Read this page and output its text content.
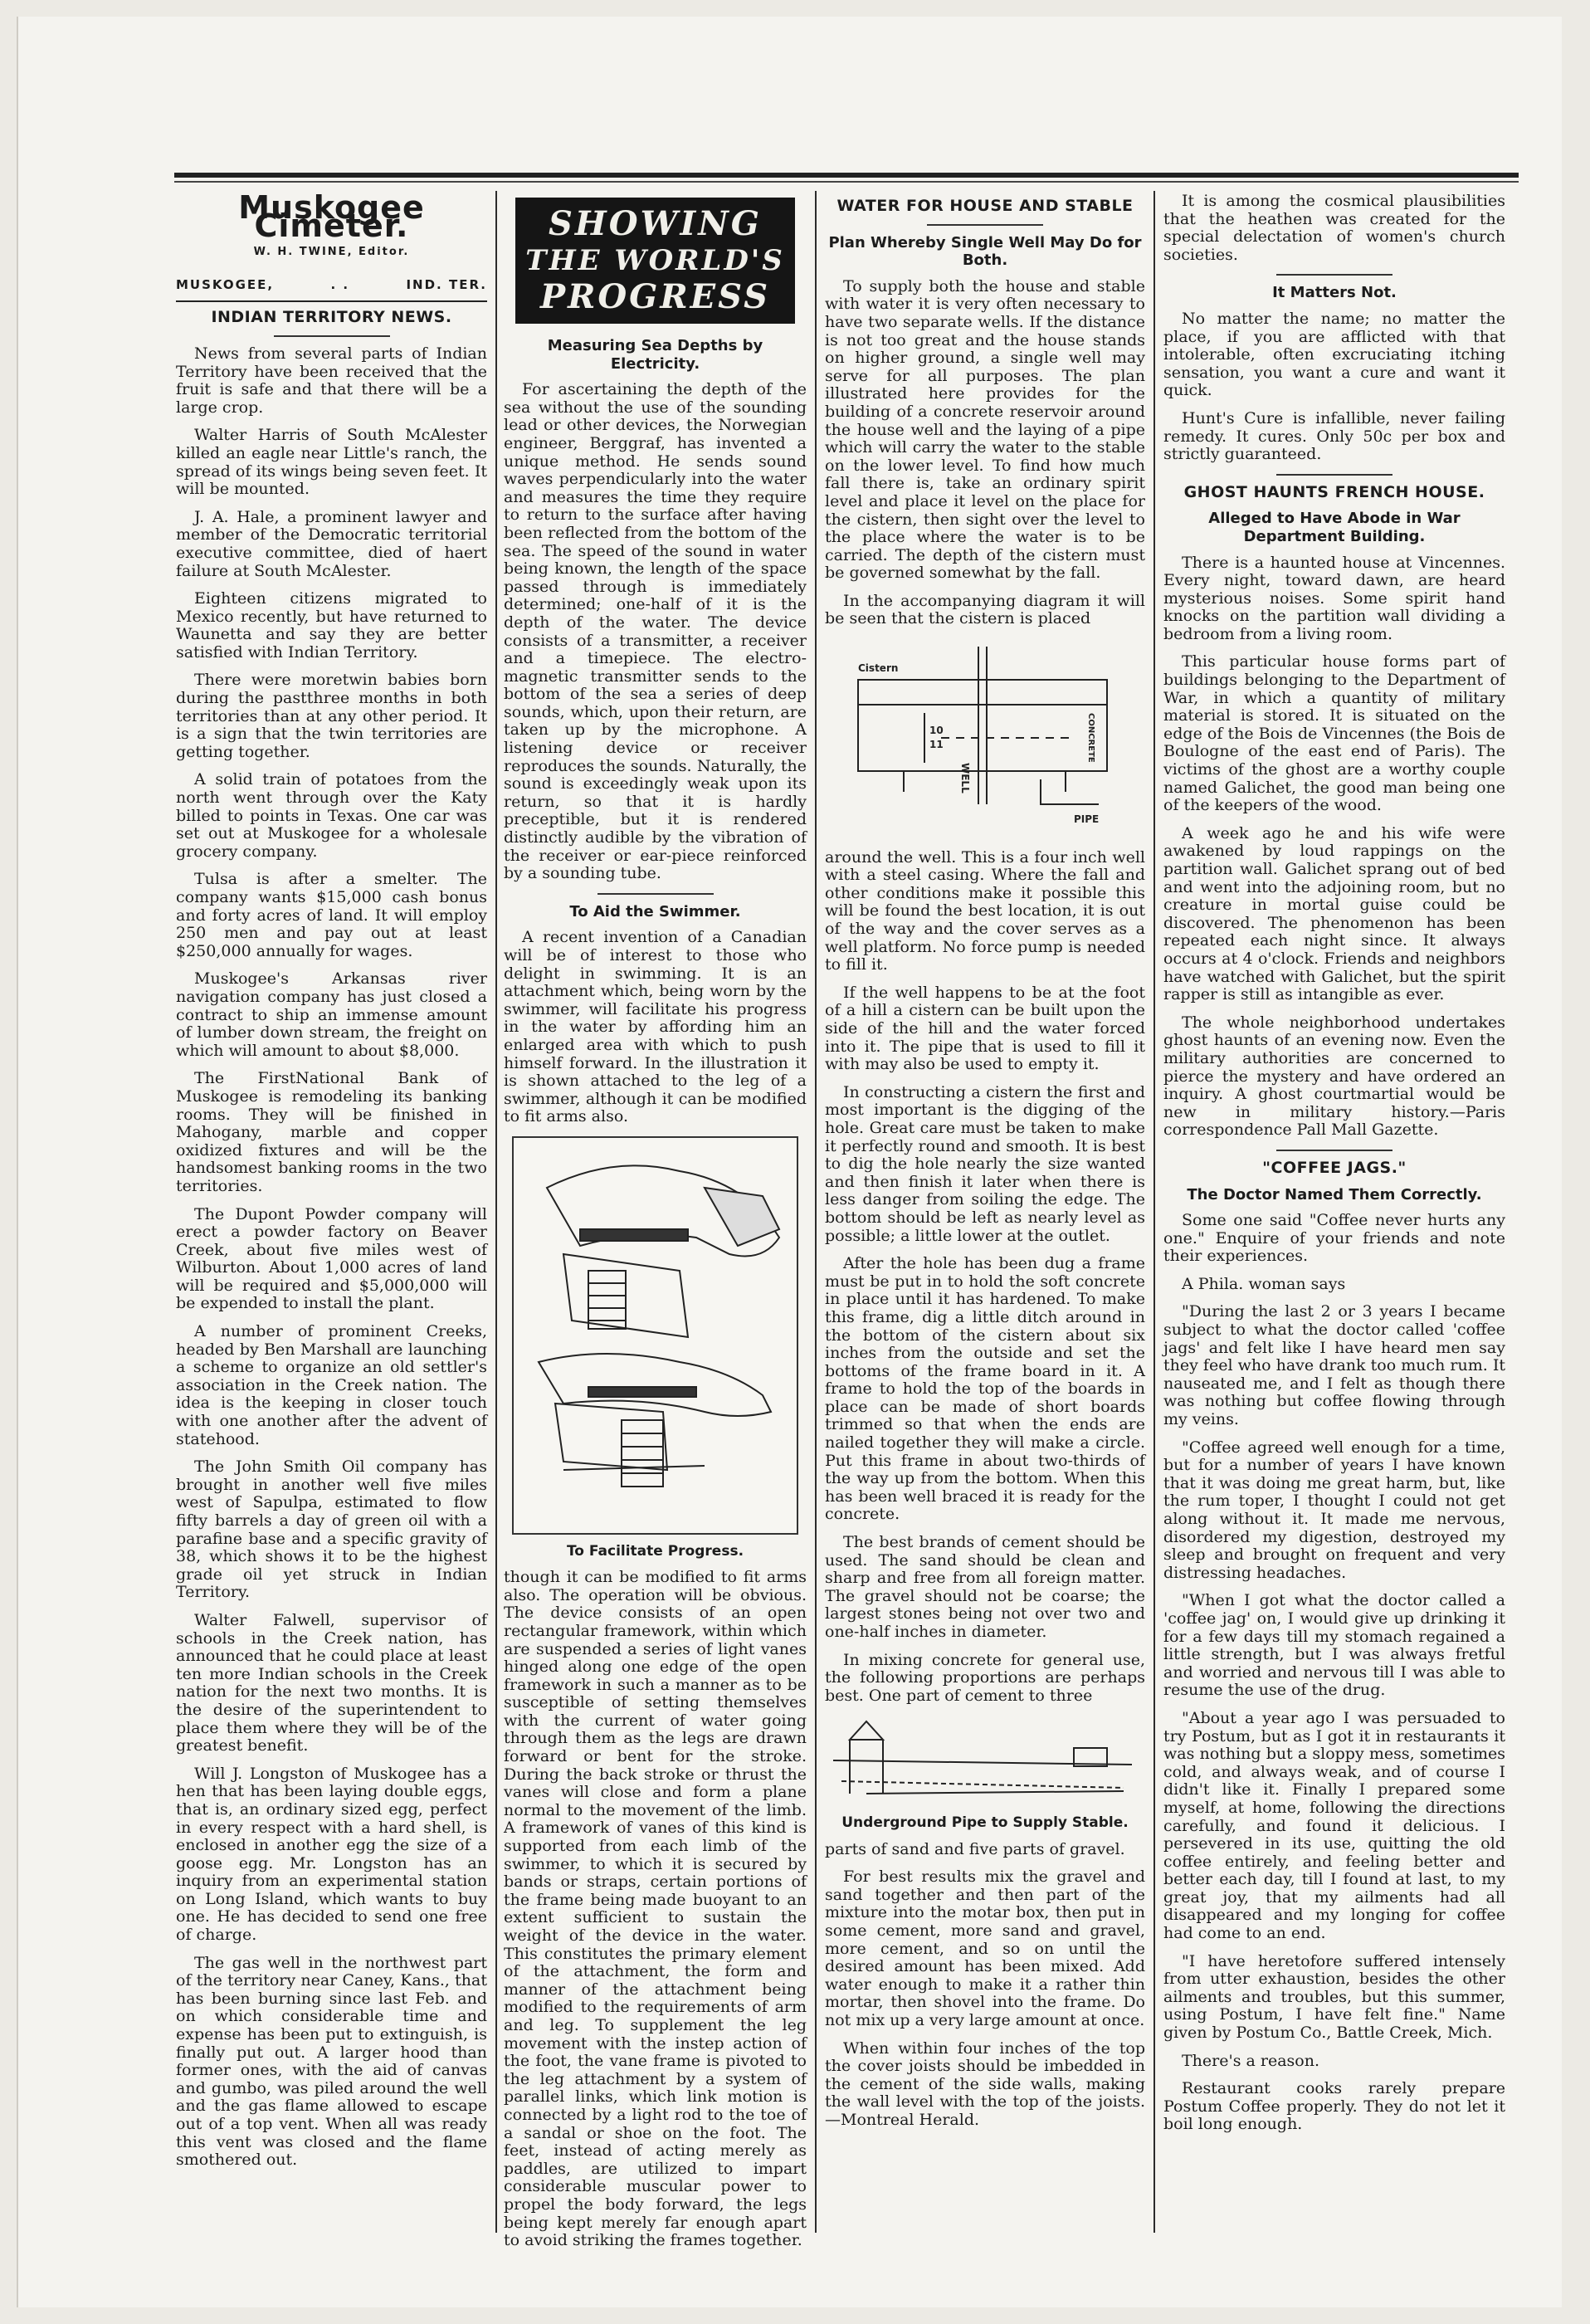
Muskogee Cimeter.
W. H. TWINE, Editor.
MUSKOGEE,	. .	IND. TER.
INDIAN TERRITORY NEWS.

News from several parts of Indian Territory have been received that the fruit is safe and that there will be a large crop.

Walter Harris of South McAlester killed an eagle near Little's ranch, the spread of its wings being seven feet. It will be mounted.

J. A. Hale, a prominent lawyer and member of the Democratic territorial executive committee, died of haert failure at South McAlester.

Eighteen citizens migrated to Mexico recently, but have returned to Waunetta and say they are better satisfied with Indian Territory.

There were moretwin babies born during the pastthree months in both territories than at any other period. It is a sign that the twin territories are getting together.

A solid train of potatoes from the north went through over the Katy billed to points in Texas. One car was set out at Muskogee for a wholesale grocery company.

Tulsa is after a smelter. The company wants $15,000 cash bonus and forty acres of land. It will employ 250 men and pay out at least $250,000 annually for wages.

Muskogee's Arkansas river navigation company has just closed a contract to ship an immense amount of lumber down stream, the freight on which will amount to about $8,000.

The FirstNational Bank of Muskogee is remodeling its banking rooms. They will be finished in Mahogany, marble and copper oxidized fixtures and will be the handsomest banking rooms in the two territories.

The Dupont Powder company will erect a powder factory on Beaver Creek, about five miles west of Wilburton. About 1,000 acres of land will be required and $5,000,000 will be expended to install the plant.

A number of prominent Creeks, headed by Ben Marshall are launching a scheme to organize an old settler's association in the Creek nation. The idea is the keeping in closer touch with one another after the advent of statehood.

The John Smith Oil company has brought in another well five miles west of Sapulpa, estimated to flow fifty barrels a day of green oil with a parafine base and a specific gravity of 38, which shows it to be the highest grade oil yet struck in Indian Territory.

Walter Falwell, supervisor of schools in the Creek nation, has announced that he could place at least ten more Indian schools in the Creek nation for the next two months. It is the desire of the superintendent to place them where they will be of the greatest benefit.

Will J. Longston of Muskogee has a hen that has been laying double eggs, that is, an ordinary sized egg, perfect in every respect with a hard shell, is enclosed in another egg the size of a goose egg. Mr. Longston has an inquiry from an experimental station on Long Island, which wants to buy one. He has decided to send one free of charge.

The gas well in the northwest part of the territory near Caney, Kans., that has been burning since last Feb. and on which considerable time and expense has been put to extinguish, is finally put out. A larger hood than former ones, with the aid of canvas and gumbo, was piled around the well and the gas flame allowed to escape out of a top vent. When all was ready this vent was closed and the flame smothered out.

SHOWING
THE WORLD'S
PROGRESS
Measuring Sea Depths by Electricity.

For ascertaining the depth of the sea without the use of the sounding lead or other devices, the Norwegian engineer, Berggraf, has invented a unique method. He sends sound waves perpendicularly into the water and measures the time they require to return to the surface after having been reflected from the bottom of the sea. The speed of the sound in water being known, the length of the space passed through is immediately determined; one-half of it is the depth of the water. The device consists of a transmitter, a receiver and a timepiece. The electro-magnetic transmitter sends to the bottom of the sea a series of deep sounds, which, upon their return, are taken up by the microphone. A listening device or receiver reproduces the sounds. Naturally, the sound is exceedingly weak upon its return, so that it is hardly preceptible, but it is rendered distinctly audible by the vibration of the receiver or ear-piece reinforced by a sounding tube.

To Aid the Swimmer.

A recent invention of a Canadian will be of interest to those who delight in swimming. It is an attachment which, being worn by the swimmer, will facilitate his progress in the water by affording him an enlarged area with which to push himself forward. In the illustration it is shown attached to the leg of a swimmer, although it can be modified to fit arms also.

To Facilitate Progress.

though it can be modified to fit arms also. The operation will be obvious. The device consists of an open rectangular framework, within which are suspended a series of light vanes hinged along one edge of the open framework in such a manner as to be susceptible of setting themselves with the current of water going through them as the legs are drawn forward or bent for the stroke. During the back stroke or thrust the vanes will close and form a plane normal to the movement of the limb. A framework of vanes of this kind is supported from each limb of the swimmer, to which it is secured by bands or straps, certain portions of the frame being made buoyant to an extent sufficient to sustain the weight of the device in the water. This constitutes the primary element of the attachment, the form and manner of the attachment being modified to the requirements of arm and leg. To supplement the leg movement with the instep action of the foot, the vane frame is pivoted to the leg attachment by a system of parallel links, which link motion is connected by a light rod to the toe of a sandal or shoe on the foot. The feet, instead of acting merely as paddles, are utilized to impart considerable muscular power to propel the body forward, the legs being kept merely far enough apart to avoid striking the frames together.

WATER FOR HOUSE AND STABLE
Plan Whereby Single Well May Do for Both.

To supply both the house and stable with water it is very often necessary to have two separate wells. If the distance is not too great and the house stands on higher ground, a single well may serve for all purposes. The plan illustrated here provides for the building of a concrete reservoir around the house well and the laying of a pipe which will carry the water to the stable on the lower level. To find how much fall there is, take an ordinary spirit level and place it level on the place for the cistern, then sight over the level to the place where the water is to be carried. The depth of the cistern must be governed somewhat by the fall.

In the accompanying diagram it will be seen that the cistern is placed

Cistern
10
11
WELL
CONCRETE
PIPE

around the well. This is a four inch well with a steel casing. Where the fall and other conditions make it possible this will be found the best location, it is out of the way and the cover serves as a well platform. No force pump is needed to fill it.

If the well happens to be at the foot of a hill a cistern can be built upon the side of the hill and the water forced into it. The pipe that is used to fill it with may also be used to empty it.

In constructing a cistern the first and most important is the digging of the hole. Great care must be taken to make it perfectly round and smooth. It is best to dig the hole nearly the size wanted and then finish it later when there is less danger from soiling the edge. The bottom should be left as nearly level as possible; a little lower at the outlet.

After the hole has been dug a frame must be put in to hold the soft concrete in place until it has hardened. To make this frame, dig a little ditch around in the bottom of the cistern about six inches from the outside and set the bottoms of the frame board in it. A frame to hold the top of the boards in place can be made of short boards trimmed so that when the ends are nailed together they will make a circle. Put this frame in about two-thirds of the way up from the bottom. When this has been well braced it is ready for the concrete.

The best brands of cement should be used. The sand should be clean and sharp and free from all foreign matter. The gravel should not be coarse; the largest stones being not over two and one-half inches in diameter.

In mixing concrete for general use, the following proportions are perhaps best. One part of cement to three

Underground Pipe to Supply Stable.

parts of sand and five parts of gravel.

For best results mix the gravel and sand together and then part of the mixture into the motar box, then put in some cement, more sand and gravel, more cement, and so on until the desired amount has been mixed. Add water enough to make it a rather thin mortar, then shovel into the frame. Do not mix up a very large amount at once.

When within four inches of the top the cover joists should be imbedded in the cement of the side walls, making the wall level with the top of the joists.—Montreal Herald.

It is among the cosmical plausibilities that the heathen was created for the special delectation of women's church societies.

It Matters Not.

No matter the name; no matter the place, if you are afflicted with that intolerable, often excruciating itching sensation, you want a cure and want it quick.

Hunt's Cure is infallible, never failing remedy. It cures. Only 50c per box and strictly guaranteed.

GHOST HAUNTS FRENCH HOUSE.
Alleged to Have Abode in War Department Building.

There is a haunted house at Vincennes. Every night, toward dawn, are heard mysterious noises. Some spirit hand knocks on the partition wall dividing a bedroom from a living room.

This particular house forms part of buildings belonging to the Department of War, in which a quantity of military material is stored. It is situated on the edge of the Bois de Vincennes (the Bois de Boulogne of the east end of Paris). The victims of the ghost are a worthy couple named Galichet, the good man being one of the keepers of the wood.

A week ago he and his wife were awakened by loud rappings on the partition wall. Galichet sprang out of bed and went into the adjoining room, but no creature in mortal guise could be discovered. The phenomenon has been repeated each night since. It always occurs at 4 o'clock. Friends and neighbors have watched with Galichet, but the spirit rapper is still as intangible as ever.

The whole neighborhood undertakes ghost haunts of an evening now. Even the military authorities are concerned to pierce the mystery and have ordered an inquiry. A ghost courtmartial would be new in military history.—Paris correspondence Pall Mall Gazette.

"COFFEE JAGS."
The Doctor Named Them Correctly.

Some one said "Coffee never hurts any one." Enquire of your friends and note their experiences.

A Phila. woman says

"During the last 2 or 3 years I became subject to what the doctor called 'coffee jags' and felt like I have heard men say they feel who have drank too much rum. It nauseated me, and I felt as though there was nothing but coffee flowing through my veins.

"Coffee agreed well enough for a time, but for a number of years I have known that it was doing me great harm, but, like the rum toper, I thought I could not get along without it. It made me nervous, disordered my digestion, destroyed my sleep and brought on frequent and very distressing headaches.

"When I got what the doctor called a 'coffee jag' on, I would give up drinking it for a few days till my stomach regained a little strength, but I was always fretful and worried and nervous till I was able to resume the use of the drug.

"About a year ago I was persuaded to try Postum, but as I got it in restaurants it was nothing but a sloppy mess, sometimes cold, and always weak, and of course I didn't like it. Finally I prepared some myself, at home, following the directions carefully, and found it delicious. I persevered in its use, quitting the old coffee entirely, and feeling better and better each day, till I found at last, to my great joy, that my ailments had all disappeared and my longing for coffee had come to an end.

"I have heretofore suffered intensely from utter exhaustion, besides the other ailments and troubles, but this summer, using Postum, I have felt fine." Name given by Postum Co., Battle Creek, Mich.

There's a reason.

Restaurant cooks rarely prepare Postum Coffee properly. They do not let it boil long enough.
